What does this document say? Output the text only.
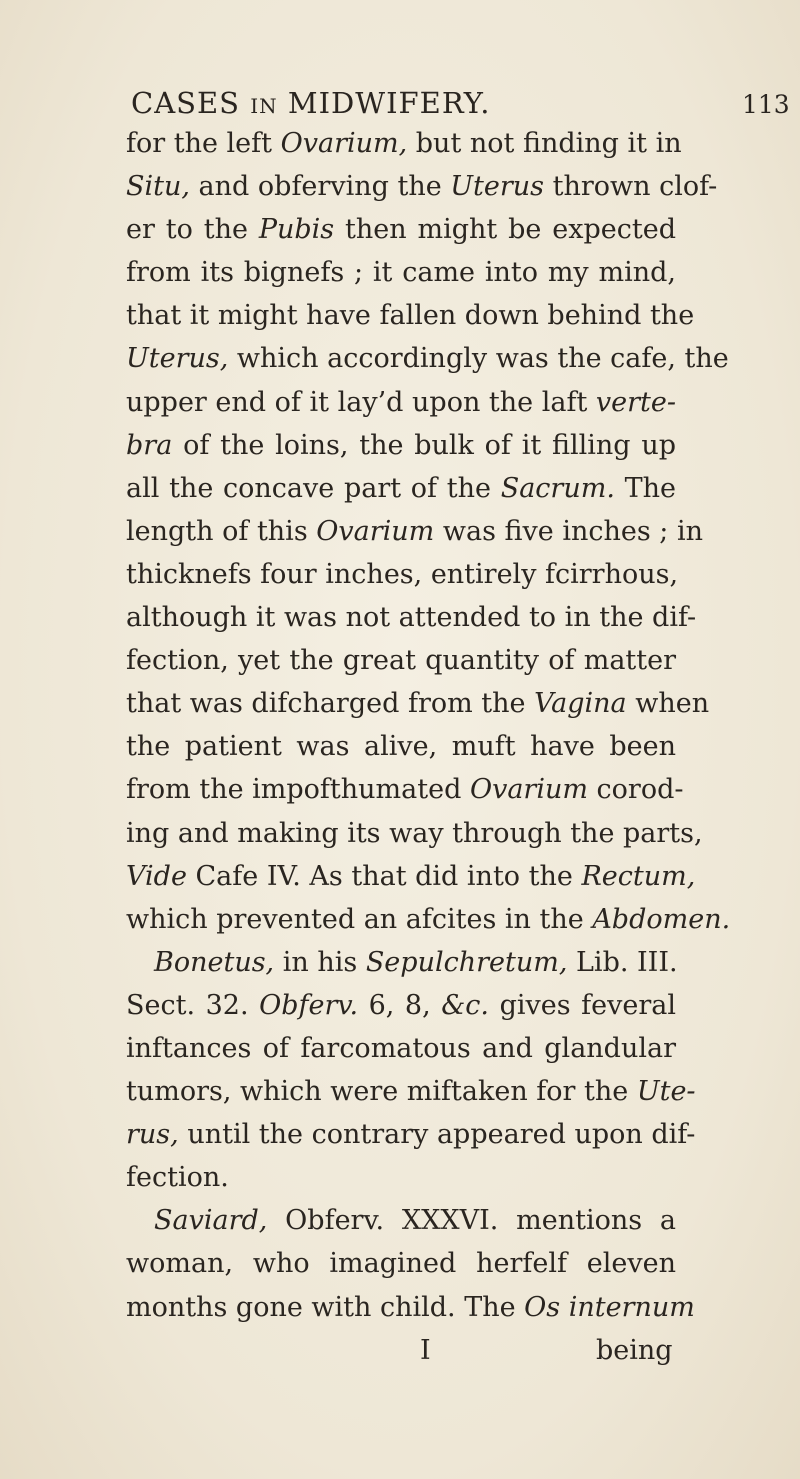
CASES IN MIDWIFERY.	113
for the left Ovarium, but not finding it in
Situ, and obferving the Uterus thrown clof-
er to the Pubis then might be expected
from its bignefs ; it came into my mind,
that it might have fallen down behind the
Uterus, which accordingly was the cafe, the
upper end of it lay’d upon the laft verte-
bra of the loins, the bulk of it filling up
all the concave part of the Sacrum. The
length of this Ovarium was five inches ; in
thicknefs four inches, entirely fcirrhous,
although it was not attended to in the dif-
fection, yet the great quantity of matter
that was difcharged from the Vagina when
the patient was alive, muft have been
from the impofthumated Ovarium corod-
ing and making its way through the parts,
Vide Cafe IV. As that did into the Rectum,
which prevented an afcites in the Abdomen.
Bonetus, in his Sepulchretum, Lib. III.
Sect. 32. Obferv. 6, 8, &c. gives feveral
inftances of farcomatous and glandular
tumors, which were miftaken for the Ute-
rus, until the contrary appeared upon dif-
fection.
Saviard, Obferv. XXXVI. mentions a
woman, who imagined herfelf eleven
months gone with child. The Os internum
I	being
